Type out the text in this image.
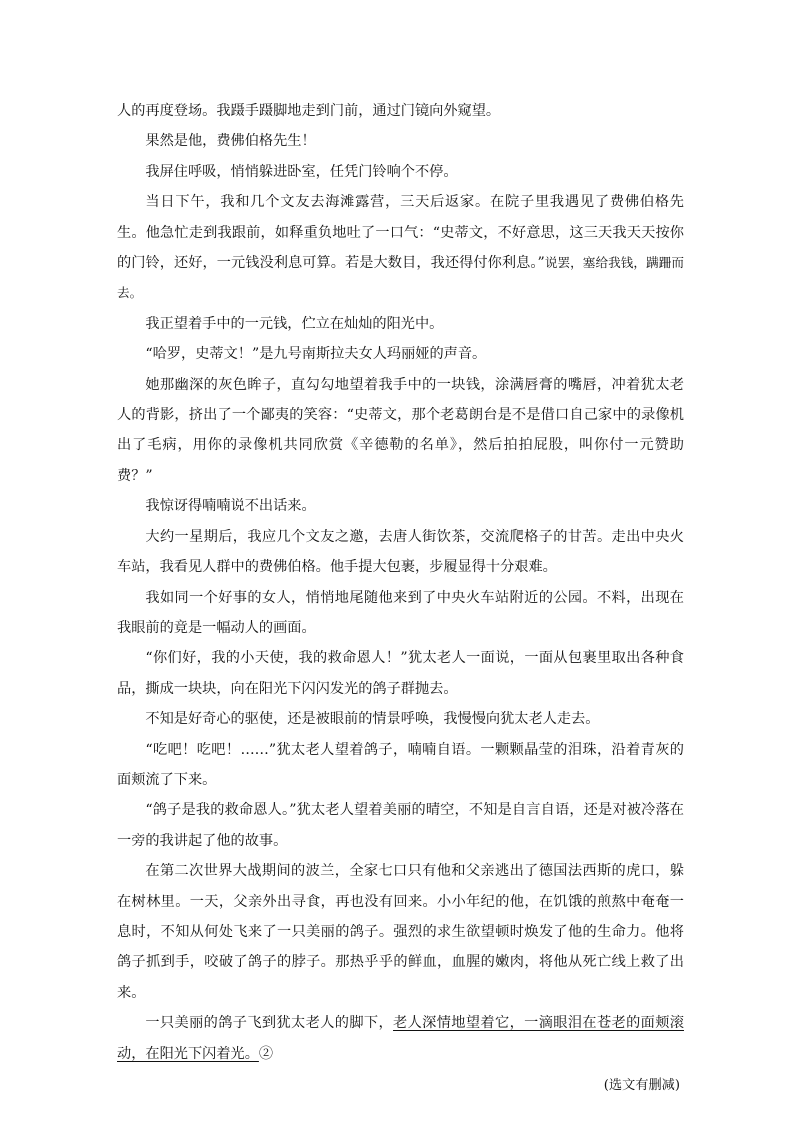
人的再度登场。我蹑手蹑脚地走到门前，通过门镜向外窥望。

果然是他，费佛伯格先生！

我屏住呼吸，悄悄躲进卧室，任凭门铃响个不停。

当日下午，我和几个文友去海滩露营，三天后返家。在院子里我遇见了费佛伯格先生。他急忙走到我跟前，如释重负地吐了一口气：“史蒂文，不好意思，这三天我天天按你的门铃，还好，一元钱没利息可算。若是大数目，我还得付你利息。”说罢，塞给我钱，蹒跚而去。

我正望着手中的一元钱，伫立在灿灿的阳光中。

“哈罗，史蒂文！”是九号南斯拉夫女人玛丽娅的声音。

她那幽深的灰色眸子，直勾勾地望着我手中的一块钱，涂满唇膏的嘴唇，冲着犹太老人的背影，挤出了一个鄙夷的笑容：“史蒂文，那个老葛朗台是不是借口自己家中的录像机出了毛病，用你的录像机共同欣赏《辛德勒的名单》，然后拍拍屁股，叫你付一元赞助费？”

我惊讶得喃喃说不出话来。

大约一星期后，我应几个文友之邀，去唐人街饮茶，交流爬格子的甘苦。走出中央火车站，我看见人群中的费佛伯格。他手提大包裹，步履显得十分艰难。

我如同一个好事的女人，悄悄地尾随他来到了中央火车站附近的公园。不料，出现在我眼前的竟是一幅动人的画面。

“你们好，我的小天使，我的救命恩人！”犹太老人一面说，一面从包裹里取出各种食品，撕成一块块，向在阳光下闪闪发光的鸽子群抛去。

不知是好奇心的驱使，还是被眼前的情景呼唤，我慢慢向犹太老人走去。

“吃吧！吃吧！……”犹太老人望着鸽子，喃喃自语。一颗颗晶莹的泪珠，沿着青灰的面颊流了下来。

“鸽子是我的救命恩人。”犹太老人望着美丽的晴空，不知是自言自语，还是对被冷落在一旁的我讲起了他的故事。

在第二次世界大战期间的波兰，全家七口只有他和父亲逃出了德国法西斯的虎口，躲在树林里。一天，父亲外出寻食，再也没有回来。小小年纪的他，在饥饿的煎熬中奄奄一息时，不知从何处飞来了一只美丽的鸽子。强烈的求生欲望顿时焕发了他的生命力。他将鸽子抓到手，咬破了鸽子的脖子。那热乎乎的鲜血，血腥的嫩肉，将他从死亡线上救了出来。

一只美丽的鸽子飞到犹太老人的脚下，老人深情地望着它，一滴眼泪在苍老的面颊滚动，在阳光下闪着光。②

(选文有删减)
